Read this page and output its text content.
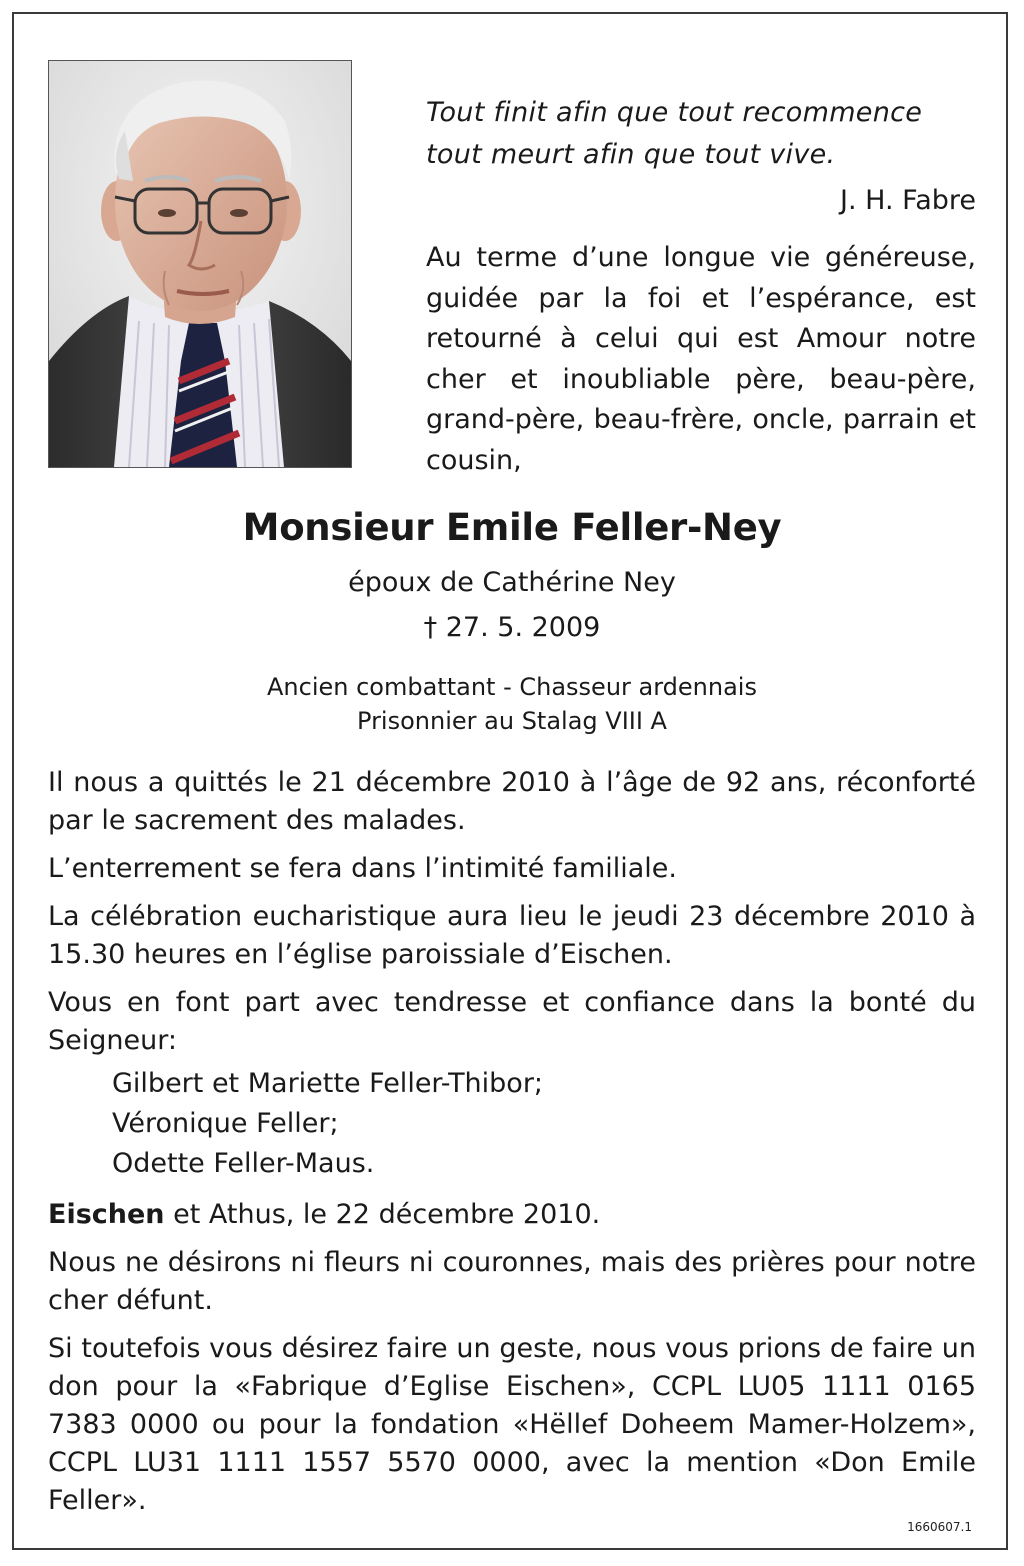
Tout finit afin que tout recommence
tout meurt afin que tout vive.
J. H. Fabre
Au terme d’une longue vie généreuse, guidée par la foi et l’espérance, est retourné à celui qui est Amour notre cher et inoubliable père, beau-père, grand-père, beau-frère, oncle, parrain et cousin,
Monsieur Emile Feller-Ney
époux de Cathérine Ney
† 27. 5. 2009
Ancien combattant - Chasseur ardennais
Prisonnier au Stalag VIII A
Il nous a quittés le 21 décembre 2010 à l’âge de 92 ans, réconforté par le sacrement des malades.
L’enterrement se fera dans l’intimité familiale.
La célébration eucharistique aura lieu le jeudi 23 décembre 2010 à 15.30 heures en l’église paroissiale d’Eischen.
Vous en font part avec tendresse et confiance dans la bonté du Seigneur:
Gilbert et Mariette Feller-Thibor;
Véronique Feller;
Odette Feller-Maus.
Eischen et Athus, le 22 décembre 2010.
Nous ne désirons ni fleurs ni couronnes, mais des prières pour notre cher défunt.
Si toutefois vous désirez faire un geste, nous vous prions de faire un don pour la «Fabrique d’Eglise Eischen», CCPL LU05 1111 0165 7383 0000 ou pour la fondation «Hëllef Doheem Mamer-Holzem», CCPL LU31 1111 1557 5570 0000, avec la mention «Don Emile Feller».
1660607.1
